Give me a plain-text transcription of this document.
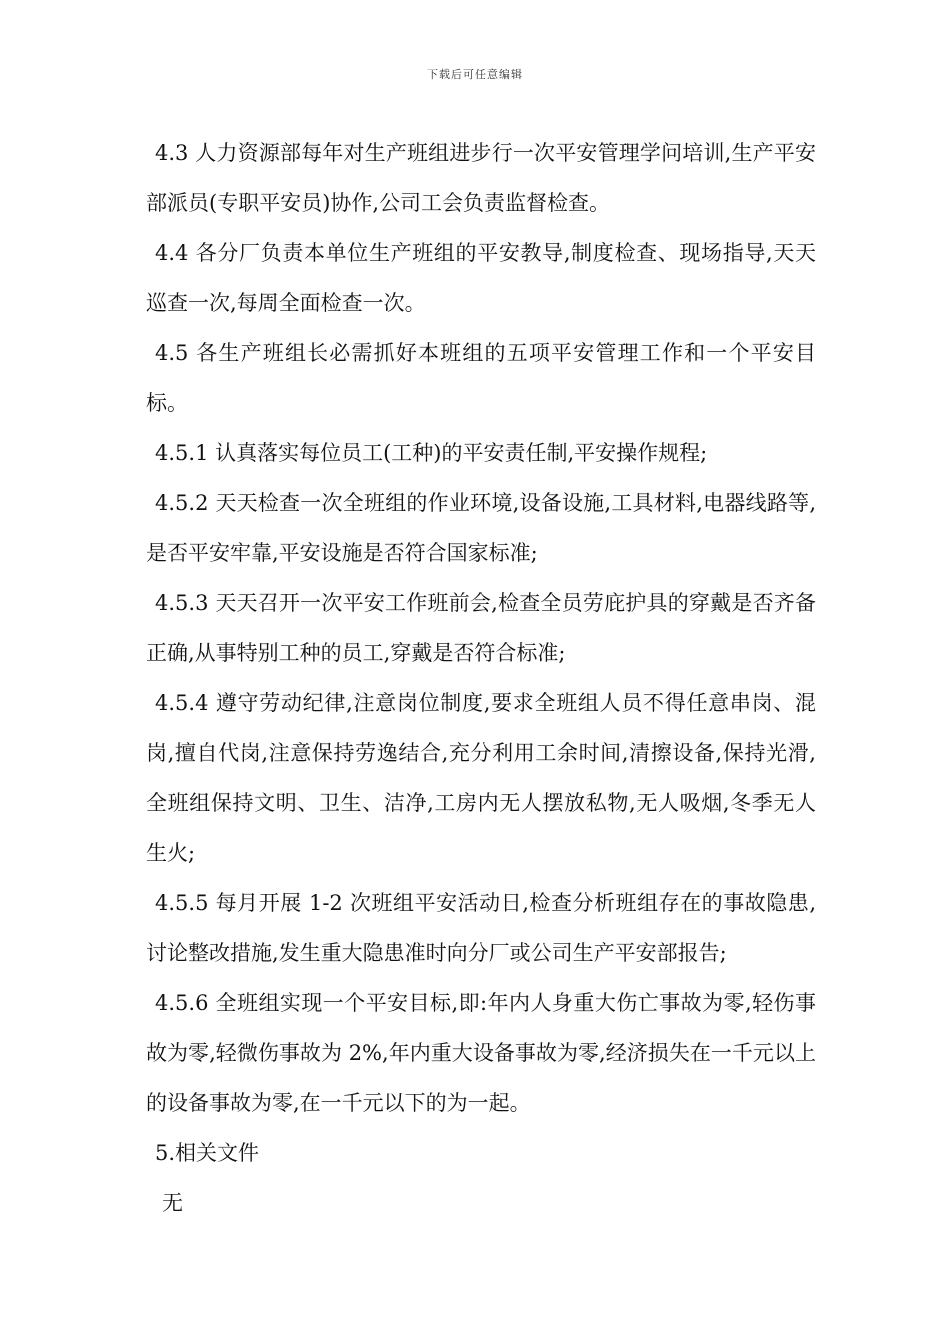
下载后可任意编辑

4.3 人力资源部每年对生产班组进步行一次平安管理学问培训,生产平安部派员(专职平安员)协作,公司工会负责监督检查。

4.4 各分厂负责本单位生产班组的平安教导,制度检查、现场指导,天天巡查一次,每周全面检查一次。

4.5 各生产班组长必需抓好本班组的五项平安管理工作和一个平安目标。

4.5.1 认真落实每位员工(工种)的平安责任制,平安操作规程;

4.5.2 天天检查一次全班组的作业环境,设备设施,工具材料,电器线路等,是否平安牢靠,平安设施是否符合国家标准;

4.5.3 天天召开一次平安工作班前会,检查全员劳庇护具的穿戴是否齐备正确,从事特别工种的员工,穿戴是否符合标准;

4.5.4 遵守劳动纪律,注意岗位制度,要求全班组人员不得任意串岗、混岗,擅自代岗,注意保持劳逸结合,充分利用工余时间,清擦设备,保持光滑,全班组保持文明、卫生、洁净,工房内无人摆放私物,无人吸烟,冬季无人生火;

4.5.5 每月开展 1-2 次班组平安活动日,检查分析班组存在的事故隐患,讨论整改措施,发生重大隐患准时向分厂或公司生产平安部报告;

4.5.6 全班组实现一个平安目标,即:年内人身重大伤亡事故为零,轻伤事故为零,轻微伤事故为 2%,年内重大设备事故为零,经济损失在一千元以上的设备事故为零,在一千元以下的为一起。

5.相关文件

无
